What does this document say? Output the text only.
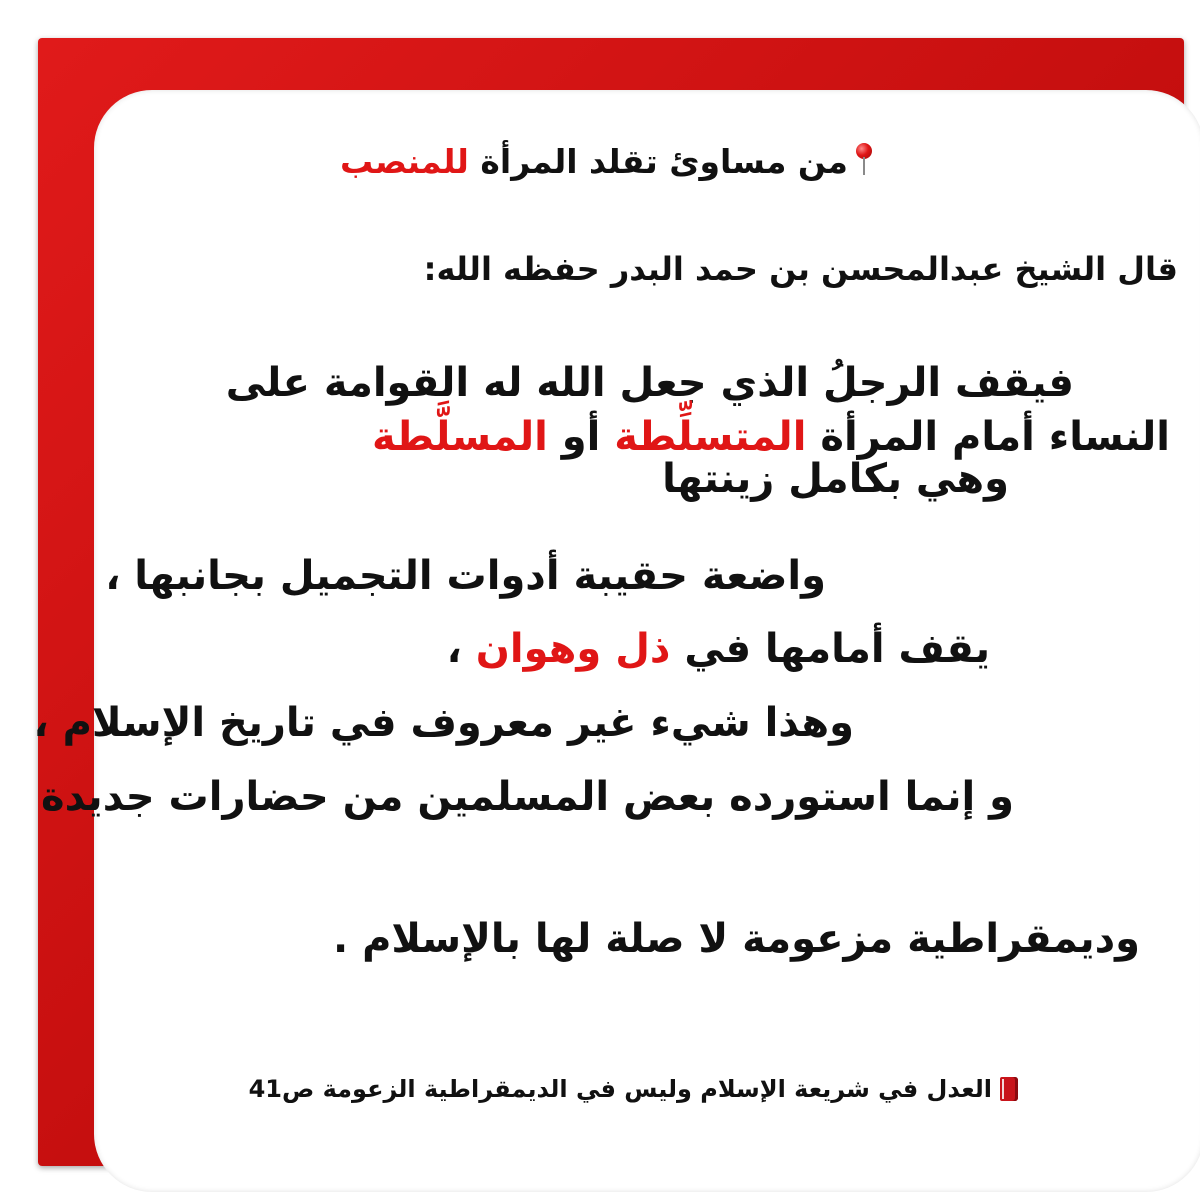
من مساوئ تقلد المرأة للمنصب
قال الشيخ عبدالمحسن بن حمد البدر حفظه الله:
فيقف الرجلُ الذي جعل الله له القوامة على
النساء أمام المرأة المتسلِّطة أو المسلَّطة
وهي بكامل زينتها
واضعة حقيبة أدوات التجميل بجانبها ،
يقف أمامها في ذل وهوان ،
وهذا شيء غير معروف في تاريخ الإسلام ،
و إنما استورده بعض المسلمين من حضارات جديدة
وديمقراطية مزعومة لا صلة لها بالإسلام .
العدل في شريعة الإسلام وليس في الديمقراطية الزعومة ص41
